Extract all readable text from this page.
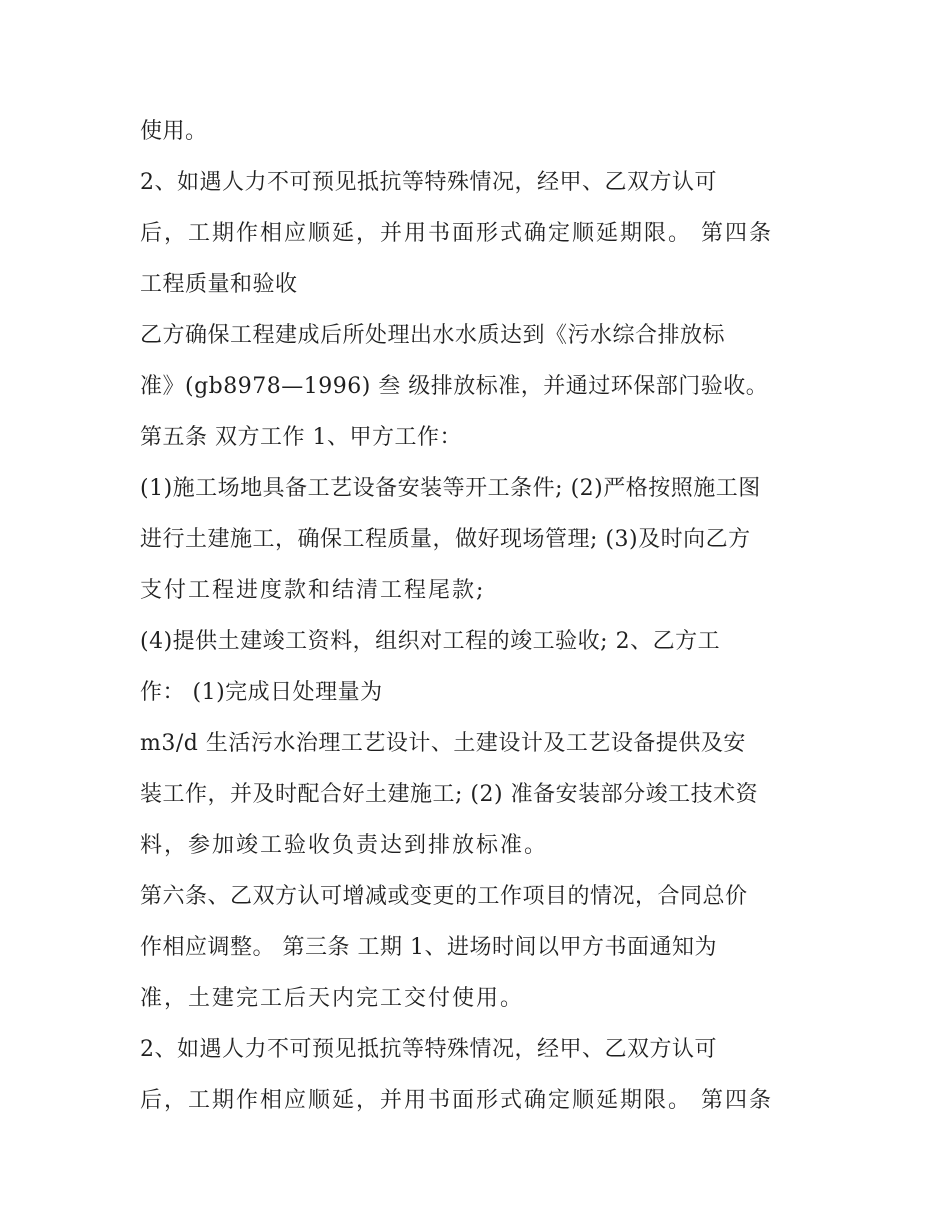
使用。
2、如遇人力不可预见抵抗等特殊情况，经甲、乙双方认可
后，工期作相应顺延，并用书面形式确定顺延期限。 第四条
工程质量和验收
乙方确保工程建成后所处理出水水质达到《污水综合排放标
准》(gb8978—1996) 叁 级排放标准，并通过环保部门验收。
第五条 双方工作 1、甲方工作：
(1)施工场地具备工艺设备安装等开工条件; (2)严格按照施工图
进行土建施工，确保工程质量，做好现场管理; (3)及时向乙方
支付工程进度款和结清工程尾款;
(4)提供土建竣工资料，组织对工程的竣工验收; 2、乙方工
作： (1)完成日处理量为
m3/d 生活污水治理工艺设计、土建设计及工艺设备提供及安
装工作，并及时配合好土建施工; (2) 准备安装部分竣工技术资
料，参加竣工验收负责达到排放标准。
第六条、乙双方认可增减或变更的工作项目的情况，合同总价
作相应调整。 第三条 工期 1、进场时间以甲方书面通知为
准，土建完工后天内完工交付使用。
2、如遇人力不可预见抵抗等特殊情况，经甲、乙双方认可
后，工期作相应顺延，并用书面形式确定顺延期限。 第四条
